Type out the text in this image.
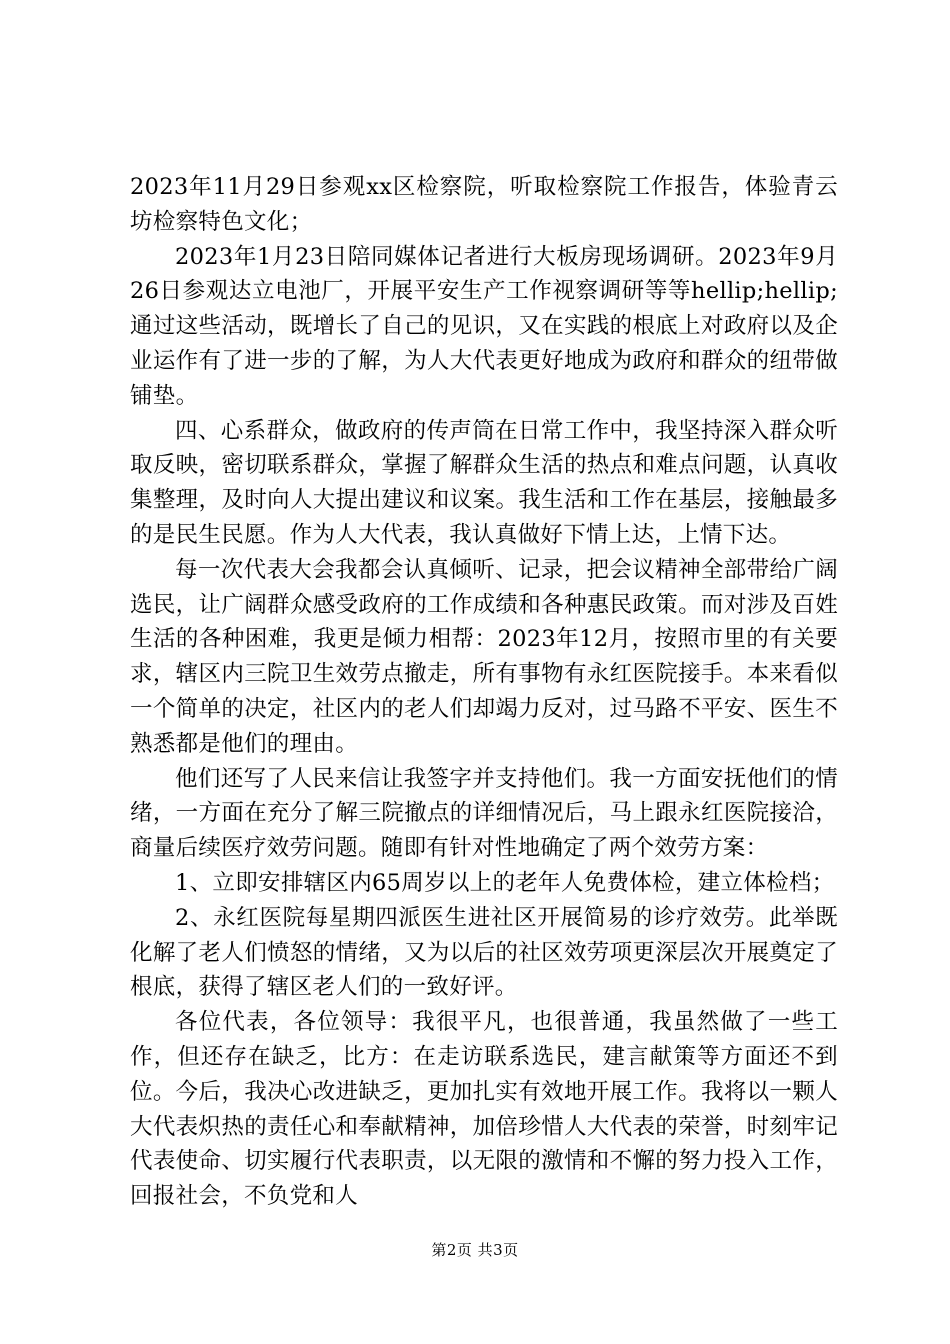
2023年11月29日参观xx区检察院，听取检察院工作报告，体验青云坊检察特色文化；

2023年1月23日陪同媒体记者进行大板房现场调研。2023年9月26日参观达立电池厂，开展平安生产工作视察调研等等hellip;hellip;通过这些活动，既增长了自己的见识，又在实践的根底上对政府以及企业运作有了进一步的了解，为人大代表更好地成为政府和群众的纽带做铺垫。

四、心系群众，做政府的传声筒在日常工作中，我坚持深入群众听取反映，密切联系群众，掌握了解群众生活的热点和难点问题，认真收集整理，及时向人大提出建议和议案。我生活和工作在基层，接触最多的是民生民愿。作为人大代表，我认真做好下情上达，上情下达。

每一次代表大会我都会认真倾听、记录，把会议精神全部带给广阔选民，让广阔群众感受政府的工作成绩和各种惠民政策。而对涉及百姓生活的各种困难，我更是倾力相帮：2023年12月，按照市里的有关要求，辖区内三院卫生效劳点撤走，所有事物有永红医院接手。本来看似一个简单的决定，社区内的老人们却竭力反对，过马路不平安、医生不熟悉都是他们的理由。

他们还写了人民来信让我签字并支持他们。我一方面安抚他们的情绪，一方面在充分了解三院撤点的详细情况后，马上跟永红医院接洽，商量后续医疗效劳问题。随即有针对性地确定了两个效劳方案：

1、立即安排辖区内65周岁以上的老年人免费体检，建立体检档；

2、永红医院每星期四派医生进社区开展简易的诊疗效劳。此举既化解了老人们愤怒的情绪，又为以后的社区效劳项更深层次开展奠定了根底，获得了辖区老人们的一致好评。

各位代表，各位领导：我很平凡，也很普通，我虽然做了一些工作，但还存在缺乏，比方：在走访联系选民，建言献策等方面还不到位。今后，我决心改进缺乏，更加扎实有效地开展工作。我将以一颗人大代表炽热的责任心和奉献精神，加倍珍惜人大代表的荣誉，时刻牢记代表使命、切实履行代表职责，以无限的激情和不懈的努力投入工作，回报社会，不负党和人

第2页 共3页
